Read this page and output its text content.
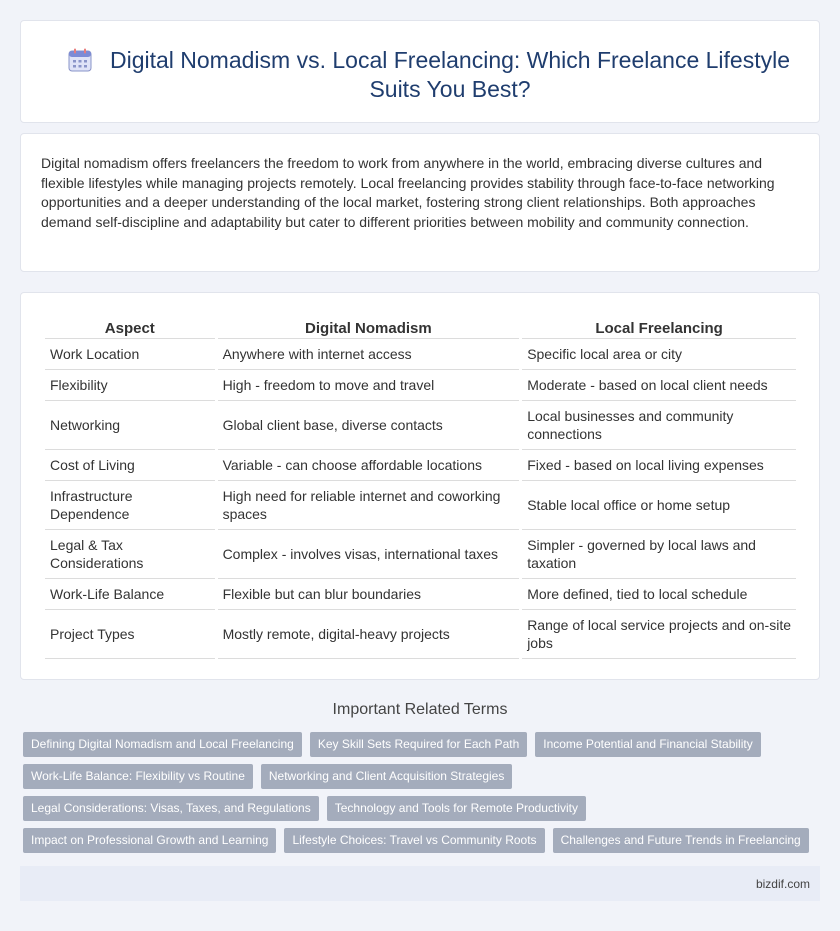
Digital Nomadism vs. Local Freelancing: Which Freelance Lifestyle Suits You Best?

Digital nomadism offers freelancers the freedom to work from anywhere in the world, embracing diverse cultures and flexible lifestyles while managing projects remotely. Local freelancing provides stability through face-to-face networking opportunities and a deeper understanding of the local market, fostering strong client relationships. Both approaches demand self-discipline and adaptability but cater to different priorities between mobility and community connection.

Aspect	Digital Nomadism	Local Freelancing
Work Location	Anywhere with internet access	Specific local area or city
Flexibility	High - freedom to move and travel	Moderate - based on local client needs
Networking	Global client base, diverse contacts	Local businesses and community connections
Cost of Living	Variable - can choose affordable locations	Fixed - based on local living expenses
Infrastructure Dependence	High need for reliable internet and coworking spaces	Stable local office or home setup
Legal & Tax Considerations	Complex - involves visas, international taxes	Simpler - governed by local laws and taxation
Work-Life Balance	Flexible but can blur boundaries	More defined, tied to local schedule
Project Types	Mostly remote, digital-heavy projects	Range of local service projects and on-site jobs
Important Related Terms
Defining Digital Nomadism and Local Freelancing	Key Skill Sets Required for Each Path	Income Potential and Financial Stability
Work-Life Balance: Flexibility vs Routine	Networking and Client Acquisition Strategies
Legal Considerations: Visas, Taxes, and Regulations	Technology and Tools for Remote Productivity
Impact on Professional Growth and Learning	Lifestyle Choices: Travel vs Community Roots	Challenges and Future Trends in Freelancing
bizdif.com
